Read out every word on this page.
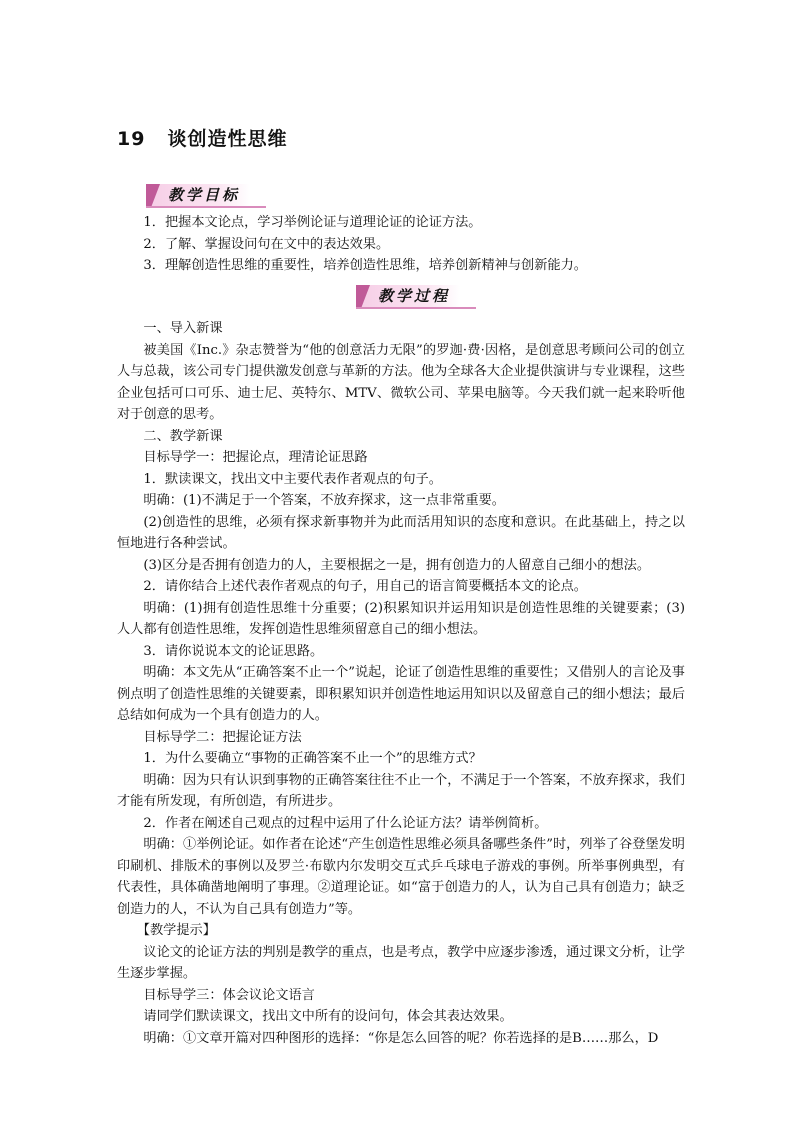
19 谈创造性思维
教学目标

1．把握本文论点，学习举例论证与道理论证的论证方法。

2．了解、掌握设问句在文中的表达效果。

3．理解创造性思维的重要性，培养创造性思维，培养创新精神与创新能力。

教学过程

一、导入新课

被美国《Inc.》杂志赞誉为“他的创意活力无限”的罗迦·费·因格，是创意思考顾问公司的创立人与总裁，该公司专门提供激发创意与革新的方法。他为全球各大企业提供演讲与专业课程，这些企业包括可口可乐、迪士尼、英特尔、MTV、微软公司、苹果电脑等。今天我们就一起来聆听他对于创意的思考。

二、教学新课

目标导学一：把握论点，理清论证思路

1．默读课文，找出文中主要代表作者观点的句子。

明确：(1)不满足于一个答案，不放弃探求，这一点非常重要。

(2)创造性的思维，必须有探求新事物并为此而活用知识的态度和意识。在此基础上，持之以恒地进行各种尝试。

(3)区分是否拥有创造力的人，主要根据之一是，拥有创造力的人留意自己细小的想法。

2．请你结合上述代表作者观点的句子，用自己的语言简要概括本文的论点。

明确：(1)拥有创造性思维十分重要；(2)积累知识并运用知识是创造性思维的关键要素；(3)人人都有创造性思维，发挥创造性思维须留意自己的细小想法。

3．请你说说本文的论证思路。

明确：本文先从“正确答案不止一个”说起，论证了创造性思维的重要性；又借别人的言论及事例点明了创造性思维的关键要素，即积累知识并创造性地运用知识以及留意自己的细小想法；最后总结如何成为一个具有创造力的人。

目标导学二：把握论证方法

1．为什么要确立“事物的正确答案不止一个”的思维方式？

明确：因为只有认识到事物的正确答案往往不止一个，不满足于一个答案，不放弃探求，我们才能有所发现，有所创造，有所进步。

2．作者在阐述自己观点的过程中运用了什么论证方法？请举例简析。

明确：①举例论证。如作者在论述“产生创造性思维必须具备哪些条件”时，列举了谷登堡发明印刷机、排版术的事例以及罗兰·布歇内尔发明交互式乒乓球电子游戏的事例。所举事例典型，有代表性，具体确凿地阐明了事理。②道理论证。如“富于创造力的人，认为自己具有创造力；缺乏创造力的人，不认为自己具有创造力”等。

【教学提示】

议论文的论证方法的判别是教学的重点，也是考点，教学中应逐步渗透，通过课文分析，让学生逐步掌握。

目标导学三：体会议论文语言

请同学们默读课文，找出文中所有的设问句，体会其表达效果。

明确：①文章开篇对四种图形的选择：“你是怎么回答的呢？你若选择的是B……那么，D
